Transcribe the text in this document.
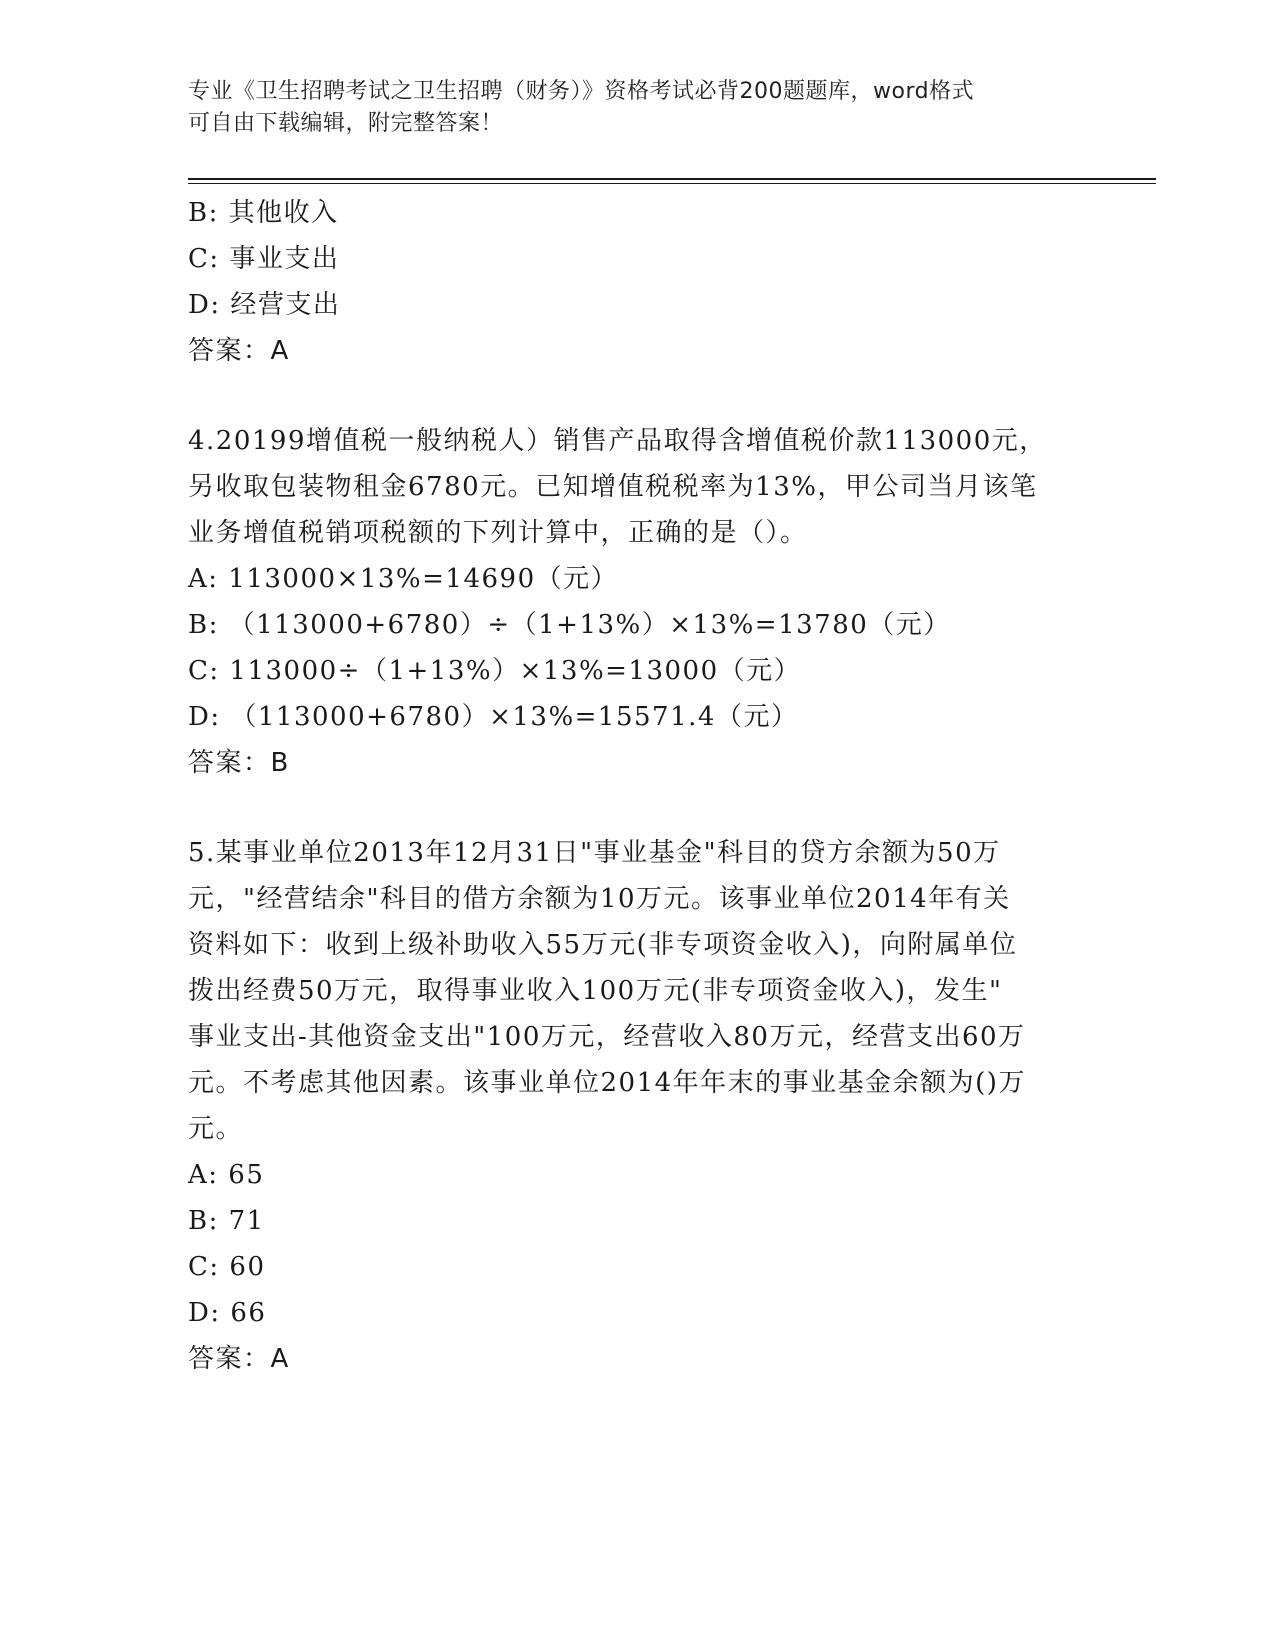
专业《卫生招聘考试之卫生招聘（财务）》资格考试必背200题题库，word格式
可自由下载编辑，附完整答案！
B: 其他收入
C: 事业支出
D: 经营支出
答案：A
4.20199增值税一般纳税人）销售产品取得含增值税价款113000元，
另收取包装物租金6780元。已知增值税税率为13%，甲公司当月该笔
业务增值税销项税额的下列计算中，正确的是（）。
A: 113000×13%=14690（元）
B: （113000+6780）÷（1+13%）×13%=13780（元）
C: 113000÷（1+13%）×13%=13000（元）
D: （113000+6780）×13%=15571.4（元）
答案：B
5.某事业单位2013年12月31日"事业基金"科目的贷方余额为50万
元，"经营结余"科目的借方余额为10万元。该事业单位2014年有关
资料如下：收到上级补助收入55万元(非专项资金收入)，向附属单位
拨出经费50万元，取得事业收入100万元(非专项资金收入)，发生"
事业支出-其他资金支出"100万元，经营收入80万元，经营支出60万
元。不考虑其他因素。该事业单位2014年年末的事业基金余额为()万
元。
A: 65
B: 71
C: 60
D: 66
答案：A
